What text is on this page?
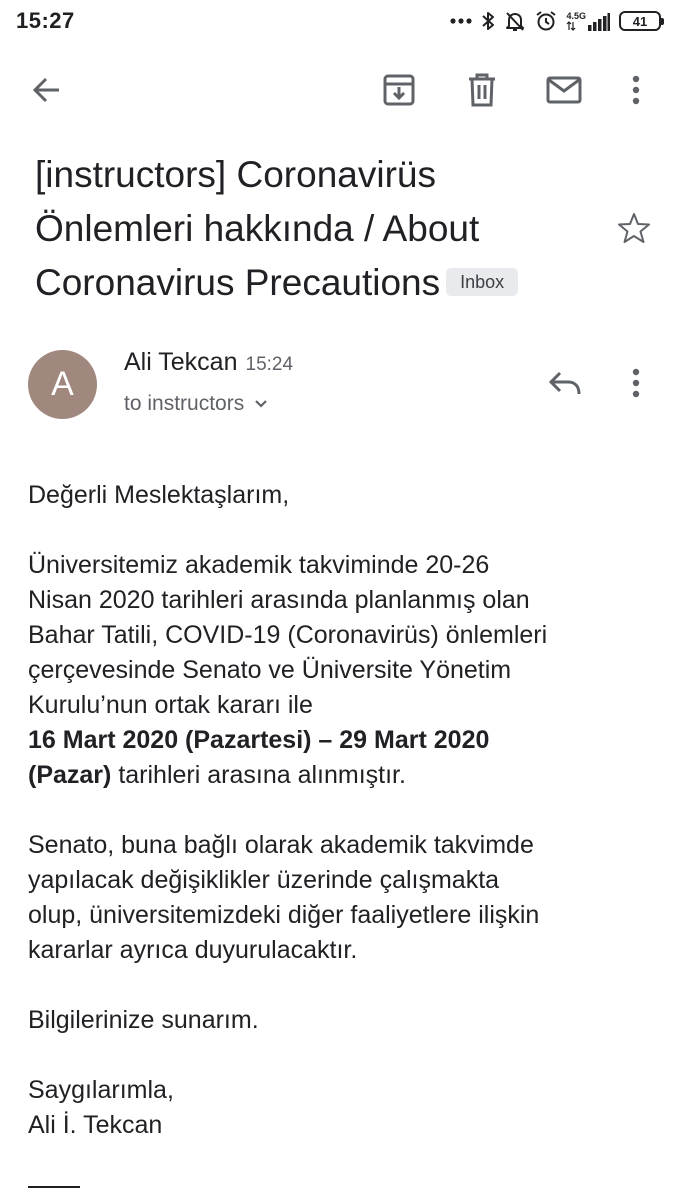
15:27	4.5G	41
[instructors] Coronavirüs
Önlemleri hakkında / About
Coronavirus Precautions Inbox
A
Ali Tekcan 15:24
to instructors

Değerli Meslektaşlarım,

Üniversitemiz akademik takviminde 20-26

Nisan 2020 tarihleri arasında planlanmış olan

Bahar Tatili, COVID-19 (Coronavirüs) önlemleri

çerçevesinde Senato ve Üniversite Yönetim

Kurulu’nun ortak kararı ile

16 Mart 2020 (Pazartesi) – 29 Mart 2020

(Pazar) tarihleri arasına alınmıştır.

Senato, buna bağlı olarak akademik takvimde

yapılacak değişiklikler üzerinde çalışmakta

olup, üniversitemizdeki diğer faaliyetlere ilişkin

kararlar ayrıca duyurulacaktır.

Bilgilerinize sunarım.

Saygılarımla,

Ali İ. Tekcan
